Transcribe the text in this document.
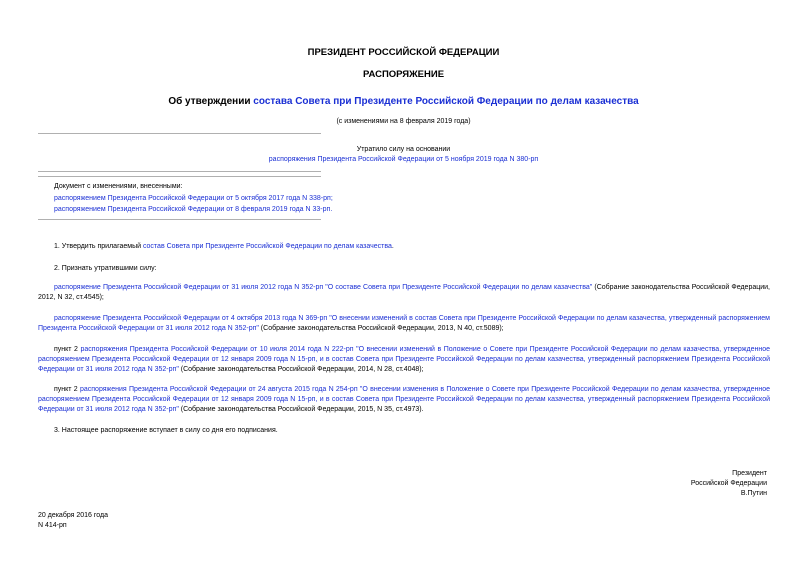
ПРЕЗИДЕНТ РОССИЙСКОЙ ФЕДЕРАЦИИ
РАСПОРЯЖЕНИЕ
Об утверждении состава Совета при Президенте Российской Федерации по делам казачества
(с изменениями на 8 февраля 2019 года)
Утратило силу на основании
распоряжения Президента Российской Федерации от 5 ноября 2019 года N 380-рп
Документ с изменениями, внесенными:
распоряжением Президента Российской Федерации от 5 октября 2017 года N 338-рп;
распоряжением Президента Российской Федерации от 8 февраля 2019 года N 33-рп.
1. Утвердить прилагаемый состав Совета при Президенте Российской Федерации по делам казачества.
2. Признать утратившими силу:
распоряжение Президента Российской Федерации от 31 июля 2012 года N 352-рп "О составе Совета при Президенте Российской Федерации по делам казачества" (Собрание законодательства Российской Федерации, 2012, N 32, ст.4545);
распоряжение Президента Российской Федерации от 4 октября 2013 года N 369-рп "О внесении изменений в состав Совета при Президенте Российской Федерации по делам казачества, утвержденный распоряжением Президента Российской Федерации от 31 июля 2012 года N 352-рп" (Собрание законодательства Российской Федерации, 2013, N 40, ст.5089);
пункт 2 распоряжения Президента Российской Федерации от 10 июля 2014 года N 222-рп "О внесении изменений в Положение о Совете при Президенте Российской Федерации по делам казачества, утвержденное распоряжением Президента Российской Федерации от 12 января 2009 года N 15-рп, и в состав Совета при Президенте Российской Федерации по делам казачества, утвержденный распоряжением Президента Российской Федерации от 31 июля 2012 года N 352-рп" (Собрание законодательства Российской Федерации, 2014, N 28, ст.4048);
пункт 2 распоряжения Президента Российской Федерации от 24 августа 2015 года N 254-рп "О внесении изменения в Положение о Совете при Президенте Российской Федерации по делам казачества, утвержденное распоряжением Президента Российской Федерации от 12 января 2009 года N 15-рп, и в состав Совета при Президенте Российской Федерации по делам казачества, утвержденный распоряжением Президента Российской Федерации от 31 июля 2012 года N 352-рп" (Собрание законодательства Российской Федерации, 2015, N 35, ст.4973).
3. Настоящее распоряжение вступает в силу со дня его подписания.
Президент
Российской Федерации
В.Путин
20 декабря 2016 года
N 414-рп
